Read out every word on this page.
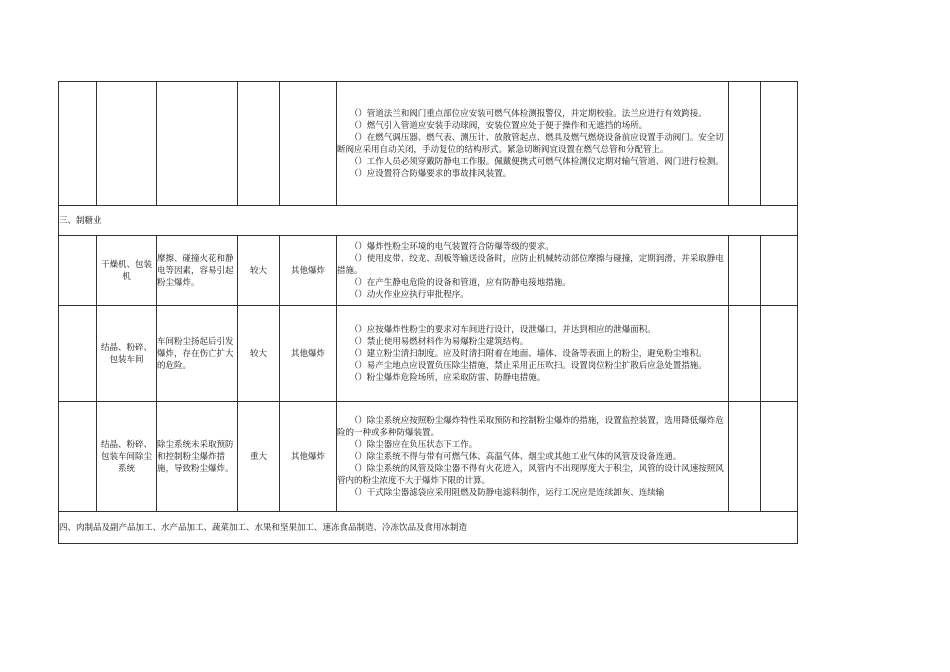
					（）管道法兰和阀门重点部位应安装可燃气体检测报警仪，并定期校验。法兰应进行有效跨接。
（）燃气引入管道应安装手动球阀，安装位置应处于便于操作和无遮挡的场所。
（）在燃气调压器、燃气表、测压计、放散管起点、燃具及燃气燃烧设备前应设置手动阀门。安全切断阀应采用自动关闭，手动复位的结构形式。紧急切断阀宜设置在燃气总管和分配管上。
（）工作人员必须穿戴防静电工作服。佩戴便携式可燃气体检测仪定期对输气管道、阀门进行检测。
（）应设置符合防爆要求的事故排风装置。		

三、制糖业							
	干燥机、包装机	摩擦、碰撞火花和静电等因素，容易引起粉尘爆炸。	较大	其他爆炸	（）爆炸性粉尘环境的电气装置符合防爆等级的要求。
（）使用皮带、绞龙、刮板等输送设备时，应防止机械转动部位摩擦与碰撞，定期润滑，并采取静电措施。
（）在产生静电危险的设备和管道，应有防静电接地措施。
（）动火作业应执行审批程序。		

	结晶、粉碎、包装车间	车间粉尘扬起后引发爆炸，存在伤亡扩大的危险。	较大	其他爆炸	（）应按爆炸性粉尘的要求对车间进行设计，设泄爆口，并达到相应的泄爆面积。
（）禁止使用易燃材料作为易爆粉尘建筑结构。
（）建立粉尘清扫制度。应及时清扫附着在地面、墙体、设备等表面上的粉尘，避免粉尘堆积。
（）易产尘地点应设置负压除尘措施，禁止采用正压吹扫。设置岗位粉尘扩散后应急处置措施。
（）粉尘爆炸危险场所，应采取防雷、防静电措施。		

	结晶、粉碎、包装车间除尘系统	除尘系统未采取预防和控制粉尘爆炸措施，导致粉尘爆炸。	重大	其他爆炸	（）除尘系统应按照粉尘爆炸特性采取预防和控制粉尘爆炸的措施，设置监控装置，选用降低爆炸危险的一种或多种防爆装置。
（）除尘器应在负压状态下工作。
（）除尘系统不得与带有可燃气体、高温气体、烟尘或其他工业气体的风管及设备连通。
（）除尘系统的风管及除尘器不得有火花进入，风管内不出现厚度大于积尘，风管的设计风速按照风管内的粉尘浓度不大于爆炸下限的计算。
（）干式除尘器滤袋应采用阻燃及防静电滤料制作，运行工况应是连续卸灰、连续输		

四、肉制品及副产品加工、水产品加工、蔬菜加工、水果和坚果加工、速冻食品制造、冷冻饮品及食用冰制造							
